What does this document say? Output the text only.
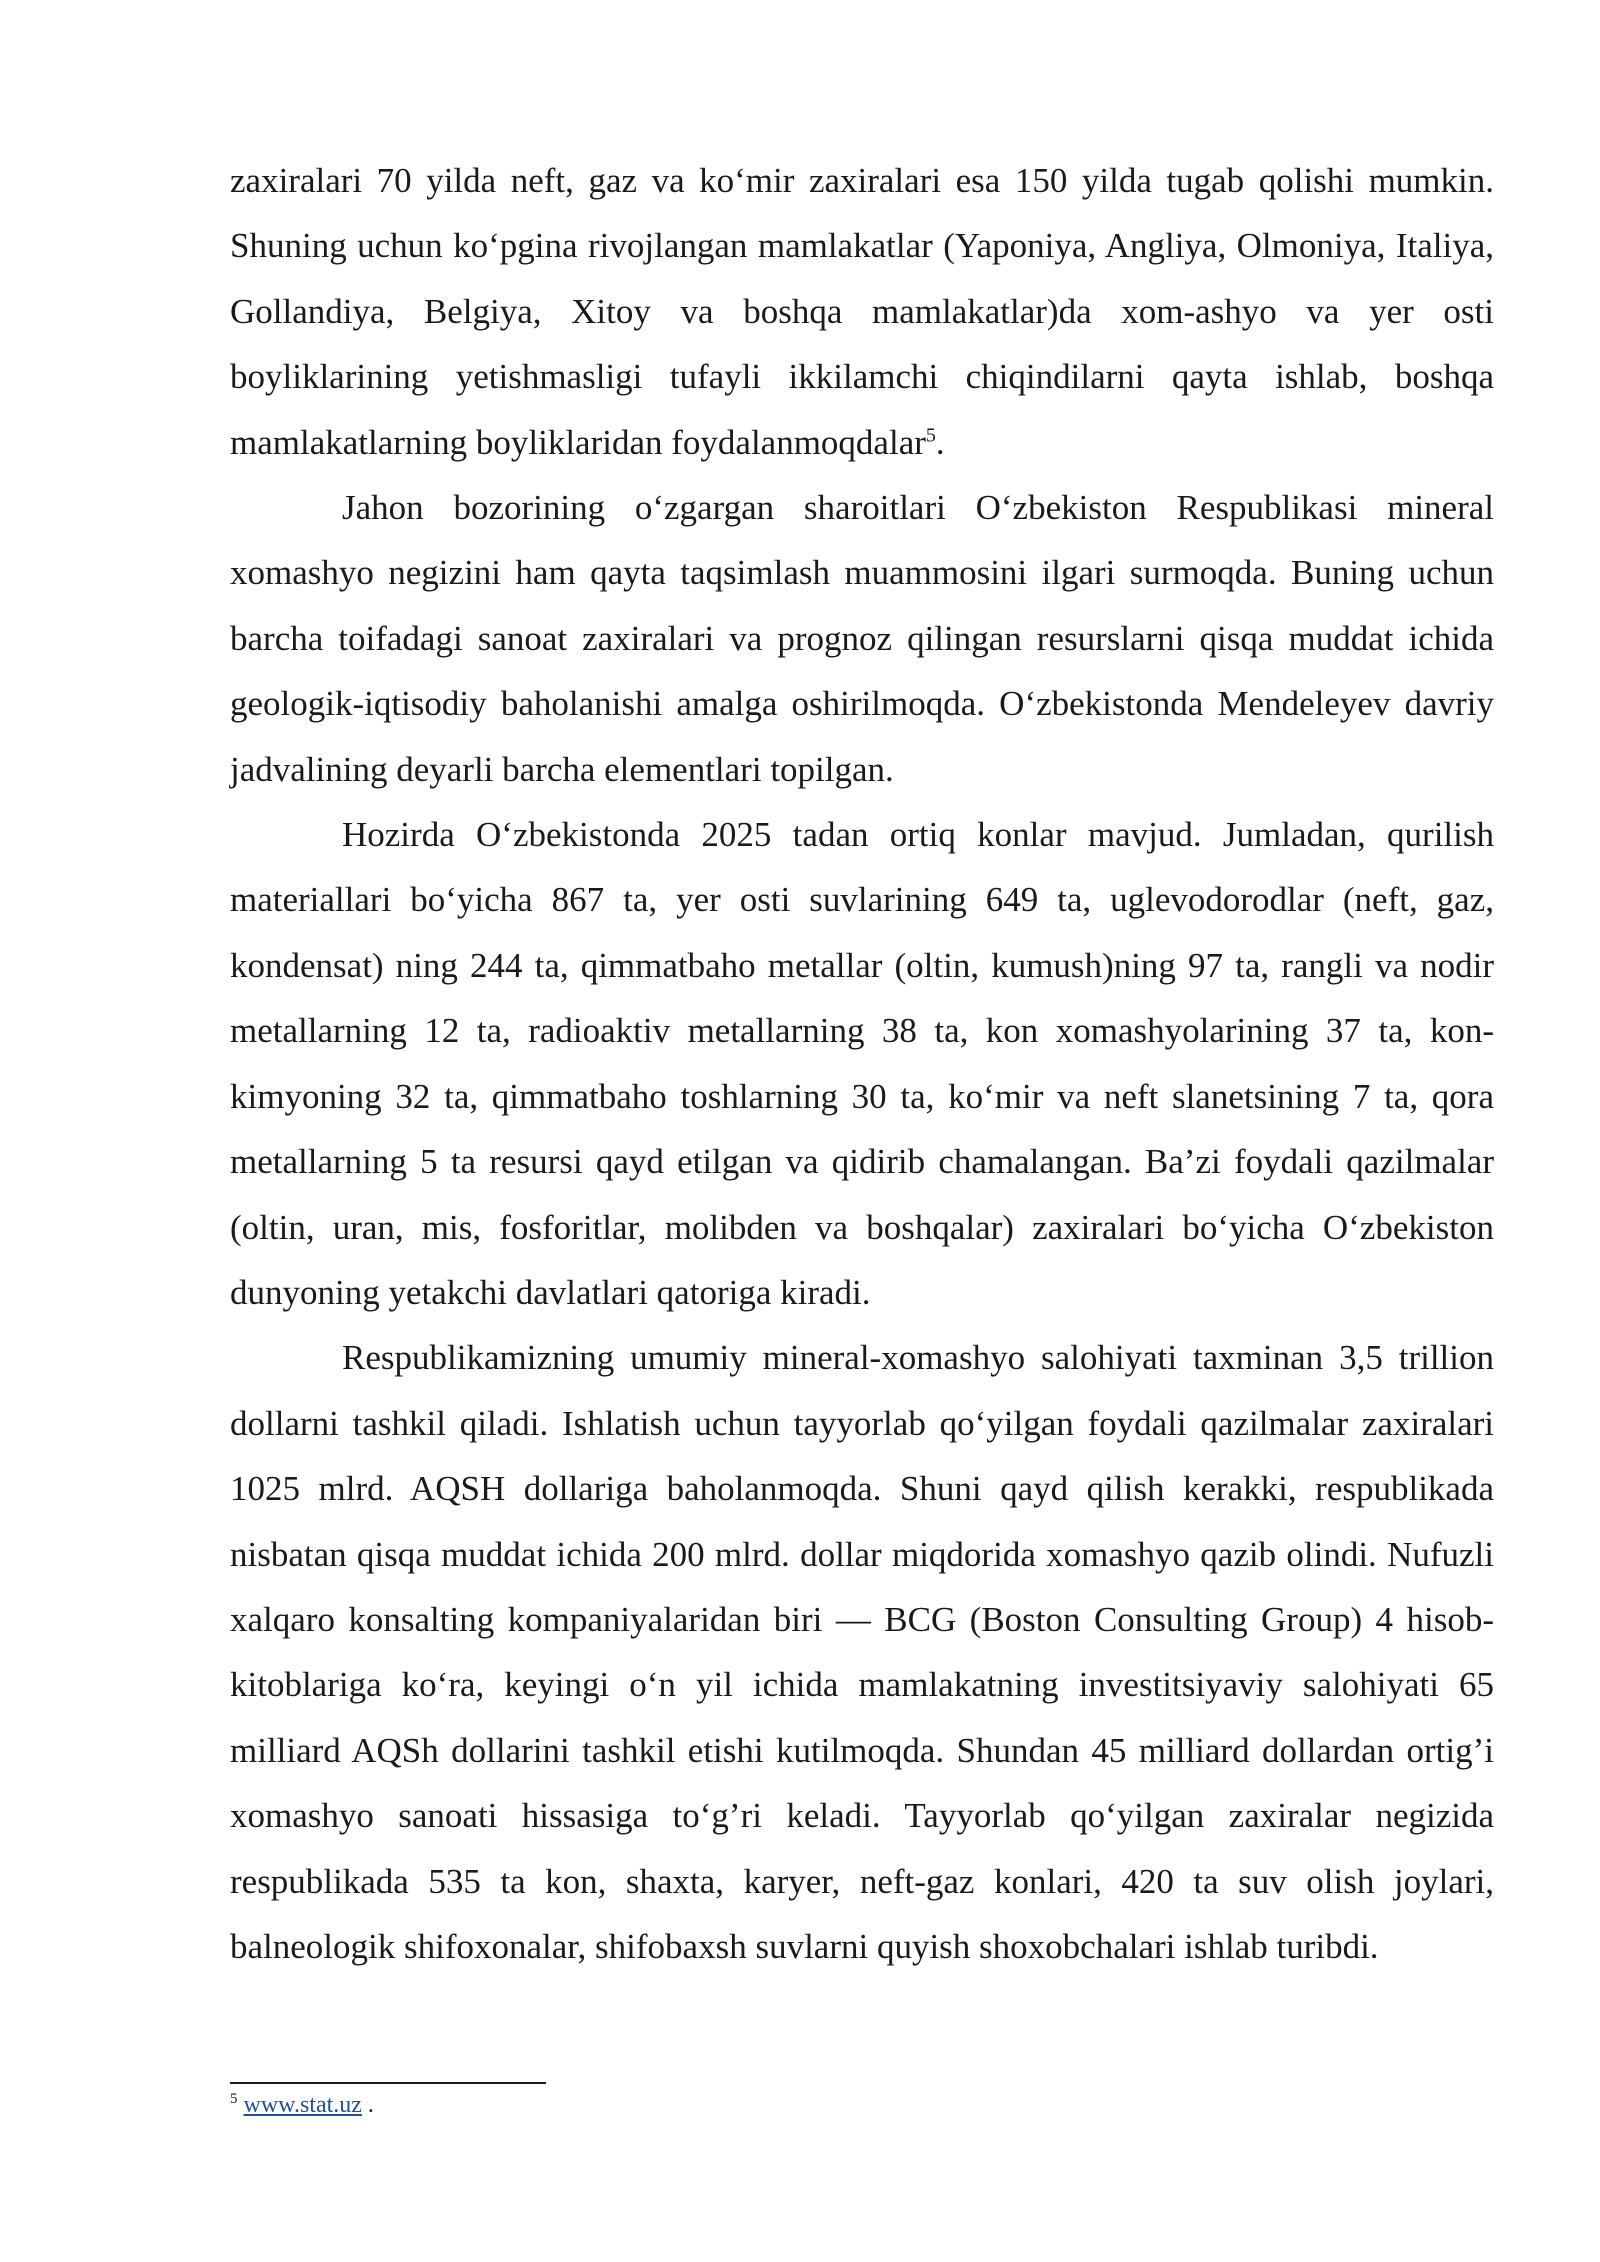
zaxiralari 70 yilda neft, gaz va ko‘mir zaxiralari esa 150 yilda tugab qolishi mumkin. Shuning uchun ko‘pgina rivojlangan mamlakatlar (Yaponiya, Angliya, Olmoniya, Italiya, Gollandiya, Belgiya, Xitoy va boshqa mamlakatlar)da xom-ashyo va yer osti boyliklarining yetishmasligi tufayli ikkilamchi chiqindilarni qayta ishlab, boshqa mamlakatlarning boyliklaridan foydalanmoqdalar$^5$.

Jahon bozorining o‘zgargan sharoitlari O‘zbekiston Respublikasi mineral xomashyo negizini ham qayta taqsimlash muammosini ilgari surmoqda. Buning uchun barcha toifadagi sanoat zaxiralari va prognoz qilingan resurslarni qisqa muddat ichida geologik-iqtisodiy baholanishi amalga oshirilmoqda. O‘zbekistonda Mendeleyev davriy jadvalining deyarli barcha elementlari topilgan.

Hozirda O‘zbekistonda 2025 tadan ortiq konlar mavjud. Jumladan, qurilish materiallari bo‘yicha 867 ta, yer osti suvlarining 649 ta, uglevodorodlar (neft, gaz, kondensat) ning 244 ta, qimmatbaho metallar (oltin, kumush)ning 97 ta, rangli va nodir metallarning 12 ta, radioaktiv metallarning 38 ta, kon xomashyolarining 37 ta, kon-kimyoning 32 ta, qimmatbaho toshlarning 30 ta, ko‘mir va neft slanetsining 7 ta, qora metallarning 5 ta resursi qayd etilgan va qidirib chamalangan. Ba’zi foydali qazilmalar (oltin, uran, mis, fosforitlar, molibden va boshqalar) zaxiralari bo‘yicha O‘zbekiston dunyoning yetakchi davlatlari qatoriga kiradi.

Respublikamizning umumiy mineral-xomashyo salohiyati taxminan 3,5 trillion dollarni tashkil qiladi. Ishlatish uchun tayyorlab qo‘yilgan foydali qazilmalar zaxiralari 1025 mlrd. AQSH dollariga baholanmoqda. Shuni qayd qilish kerakki, respublikada nisbatan qisqa muddat ichida 200 mlrd. dollar miqdorida xomashyo qazib olindi. Nufuzli xalqaro konsalting kompaniyalaridan biri — BCG (Boston Consulting Group) 4 hisob- kitoblariga ko‘ra, keyingi o‘n yil ichida mamlakatning investitsiyaviy salohiyati 65 milliard AQSh dollarini tashkil etishi kutilmoqda. Shundan 45 milliard dollardan ortig’i xomashyo sanoati hissasiga to‘g’ri keladi. Tayyorlab qo‘yilgan zaxiralar negizida respublikada 535 ta kon, shaxta, karyer, neft-gaz konlari, 420 ta suv olish joylari, balneologik shifoxonalar, shifobaxsh suvlarni quyish shoxobchalari ishlab turibdi.

$^5$ www.stat.uz .
